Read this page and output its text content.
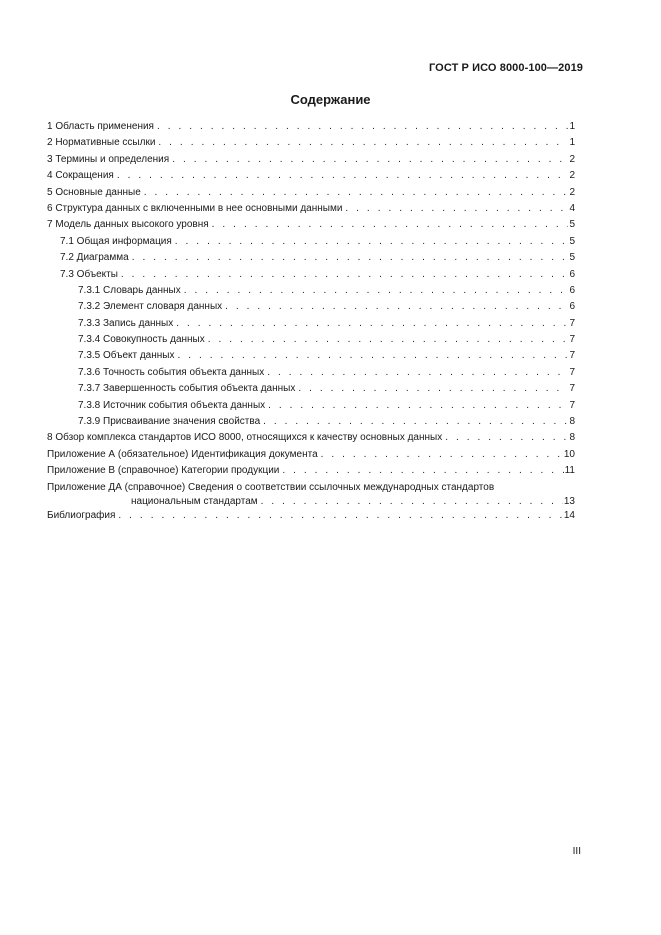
ГОСТ Р ИСО 8000-100—2019
Содержание
1 Область применения . . .	1
2 Нормативные ссылки . . .	1
3 Термины и определения . . .	2
4 Сокращения . . .	2
5 Основные данные . . .	2
6 Структура данных с включенными в нее основными данными . . .	4
7 Модель данных высокого уровня . . .	5
7.1 Общая информация . . .	5
7.2 Диаграмма . . .	5
7.3 Объекты . . .	6
7.3.1 Словарь данных . . .	6
7.3.2 Элемент словаря данных . . .	6
7.3.3 Запись данных . . .	7
7.3.4 Совокупность данных . . .	7
7.3.5 Объект данных . . .	7
7.3.6 Точность события объекта данных . . .	7
7.3.7 Завершенность события объекта данных . . .	7
7.3.8 Источник события объекта данных . . .	7
7.3.9 Присваивание значения свойства . . .	8
8 Обзор комплекса стандартов ИСО 8000, относящихся к качеству основных данных . . .	8
Приложение А (обязательное) Идентификация документа . . .	10
Приложение В (справочное) Категории продукции . . .	11
Приложение ДА (справочное) Сведения о соответствии ссылочных международных стандартов
национальным стандартам . . .	13
Библиография . . .	14
III
